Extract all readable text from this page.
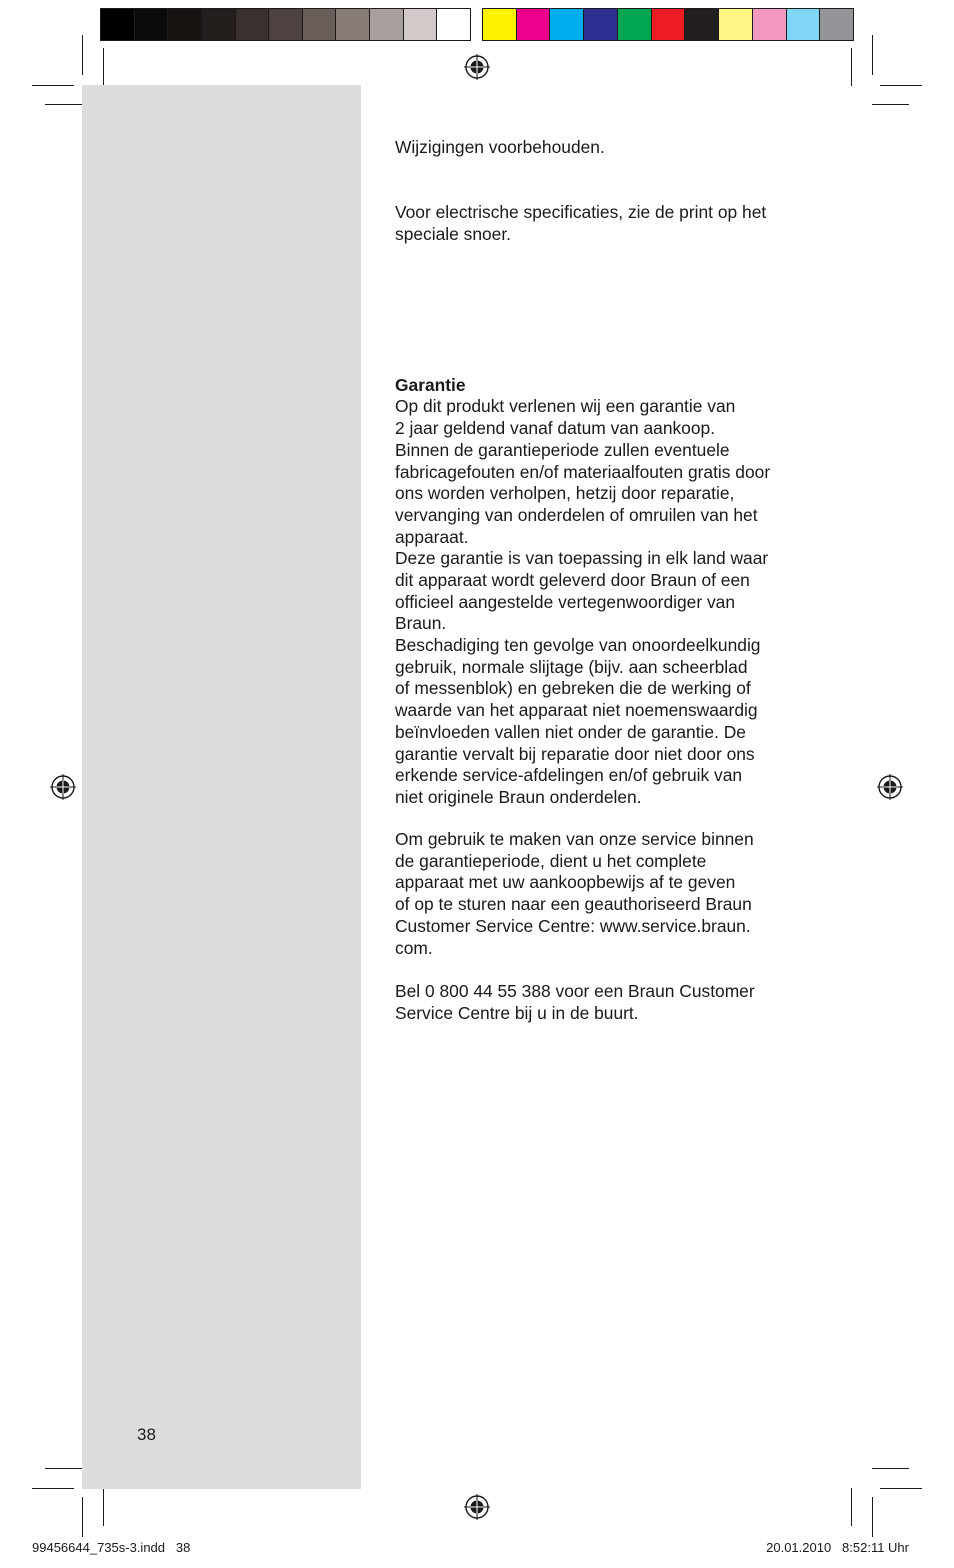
38
Wijzigingen voorbehouden.
Voor electrische specificaties, zie de print op het
speciale snoer.

Garantie
Op dit produkt verlenen wij een garantie van
2 jaar geldend vanaf datum van aankoop.
Binnen de garantieperiode zullen eventuele
fabricagefouten en/of materiaalfouten gratis door
ons worden verholpen, hetzij door reparatie,
vervanging van onderdelen of omruilen van het
apparaat.
Deze garantie is van toepassing in elk land waar
dit apparaat wordt geleverd door Braun of een
officieel aangestelde vertegenwoordiger van
Braun.

Beschadiging ten gevolge van onoordeelkundig
gebruik, normale slijtage (bijv. aan scheerblad
of messenblok) en gebreken die de werking of
waarde van het apparaat niet noemenswaardig
beïnvloeden vallen niet onder de garantie. De
garantie vervalt bij reparatie door niet door ons
erkende service-afdelingen en/of gebruik van
niet originele Braun onderdelen.
Om gebruik te maken van onze service binnen
de garantieperiode, dient u het complete
apparaat met uw aankoopbewijs af te geven
of op te sturen naar een geauthoriseerd Braun
Customer Service Centre: www.service.braun.
com.
Bel 0 800 44 55 388 voor een Braun Customer
Service Centre bij u in de buurt.
99456644_735s-3.indd   38	20.01.2010   8:52:11 Uhr
